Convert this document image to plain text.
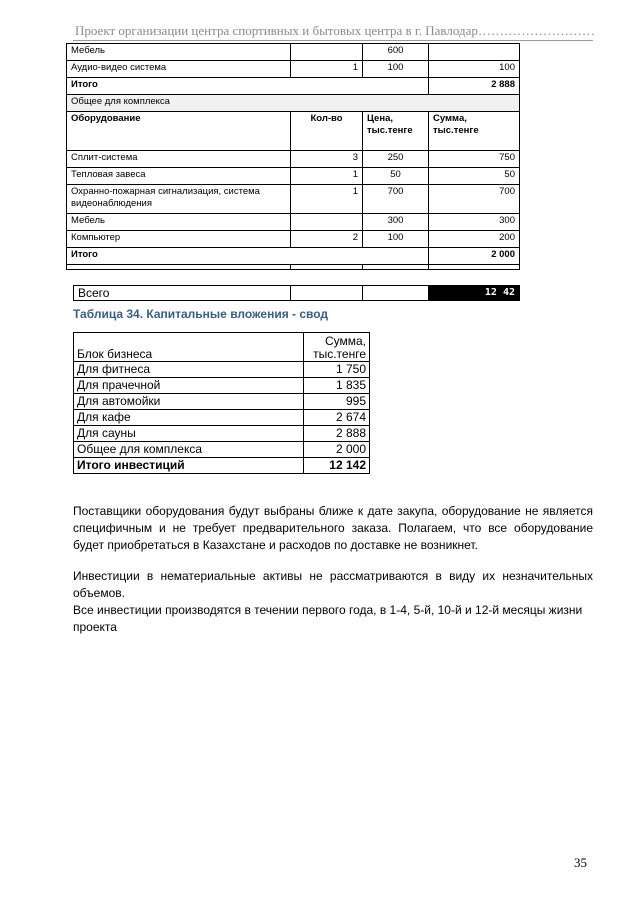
Проект организации центра спортивных и бытовых центра в г. Павлодар………………………
Мебель		600	
Аудио-видео система	1	100	100
Итого			2 888
Общее для комплекса			
Оборудование	Кол-во	Цена, тыс.тенге	Сумма, тыс.тенге
Сплит-система	3	250	750
Тепловая завеса	1	50	50
Охранно-пожарная сигнализация, система видеонаблюдения	1	700	700
Мебель		300	300
Компьютер	2	100	200
Итого			2 000

Всего			12 42
Таблица 34. Капитальные вложения - свод
Блок бизнеса	Сумма, тыс.тенге
Для фитнеса	1 750
Для прачечной	1 835
Для автомойки	995
Для кафе	2 674
Для сауны	2 888
Общее для комплекса	2 000
Итого инвестиций	12 142

Поставщики оборудования будут выбраны ближе к дате закупа, оборудование не является специфичным и не требует предварительного заказа. Полагаем, что все оборудование будет приобретаться в Казахстане и расходов по доставке не возникнет.

Инвестиции в нематериальные активы не рассматриваются в виду их незначительных объемов.

Все инвестиции производятся в течении первого года, в 1-4, 5-й, 10-й и 12-й месяцы жизни проекта

35
